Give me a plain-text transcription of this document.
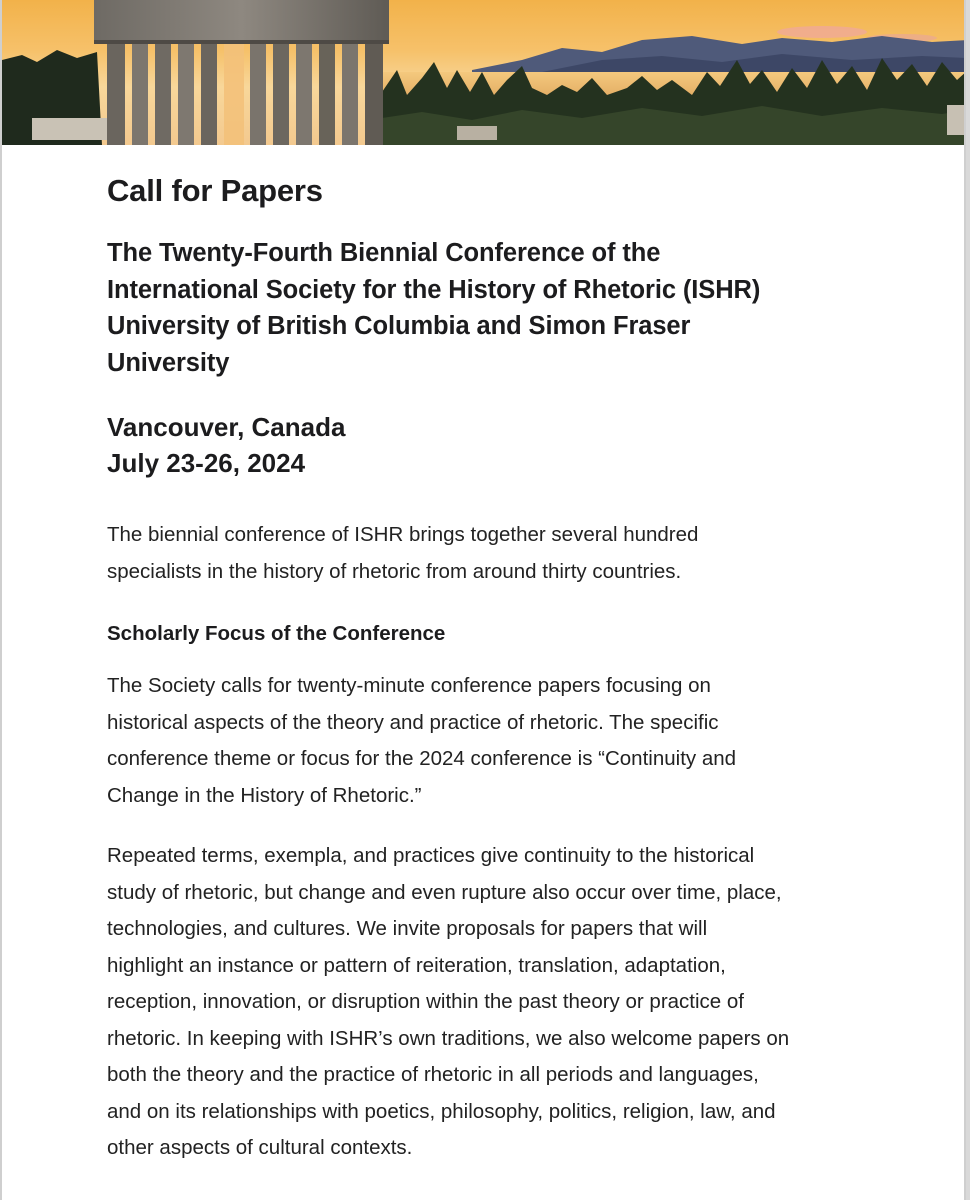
Call for Papers
The Twenty-Fourth Biennial Conference of the
International Society for the History of Rhetoric (ISHR)
University of British Columbia and Simon Fraser
University
Vancouver, Canada
July 23-26, 2024
The biennial conference of ISHR brings together several hundred
specialists in the history of rhetoric from around thirty countries.
Scholarly Focus of the Conference
The Society calls for twenty-minute conference papers focusing on
historical aspects of the theory and practice of rhetoric. The specific
conference theme or focus for the 2024 conference is “Continuity and
Change in the History of Rhetoric.”
Repeated terms, exempla, and practices give continuity to the historical
study of rhetoric, but change and even rupture also occur over time, place,
technologies, and cultures. We invite proposals for papers that will
highlight an instance or pattern of reiteration, translation, adaptation,
reception, innovation, or disruption within the past theory or practice of
rhetoric. In keeping with ISHR’s own traditions, we also welcome papers on
both the theory and the practice of rhetoric in all periods and languages,
and on its relationships with poetics, philosophy, politics, religion, law, and
other aspects of cultural contexts.
